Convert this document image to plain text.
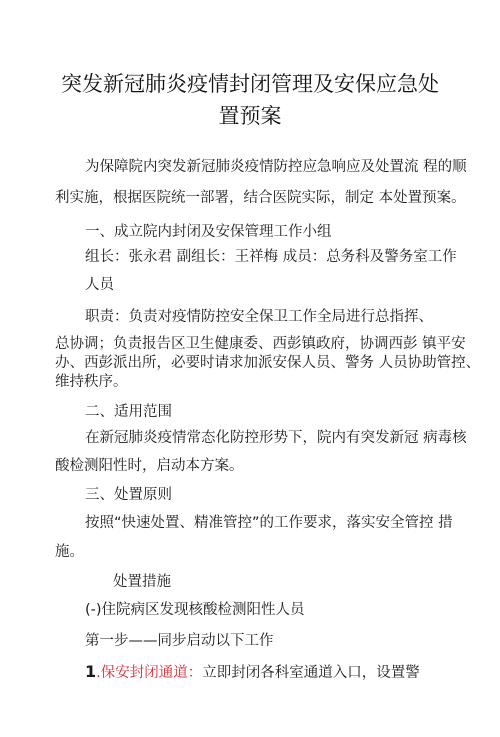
突发新冠肺炎疫情封闭管理及安保应急处
置预案
为保障院内突发新冠肺炎疫情防控应急响应及处置流 程的顺
利实施，根据医院统一部署，结合医院实际，制定 本处置预案。
一、成立院内封闭及安保管理工作小组
组长：张永君 副组长：王祥梅 成员：总务科及警务室工作
人员
职责：负责对疫情防控安全保卫工作全局进行总指挥、
总协调；负责报告区卫生健康委、西彭镇政府，协调西彭 镇平安
办、西彭派出所，必要时请求加派安保人员、警务 人员协助管控、
维持秩序。
二、适用范围
在新冠肺炎疫情常态化防控形势下，院内有突发新冠 病毒核
酸检测阳性时，启动本方案。
三、处置原则
按照“快速处置、精准管控”的工作要求，落实安全管控 措
施。
处置措施
(-)住院病区发现核酸检测阳性人员
第一步——同步启动以下工作
1.保安封闭通道：立即封闭各科室通道入口，设置警
